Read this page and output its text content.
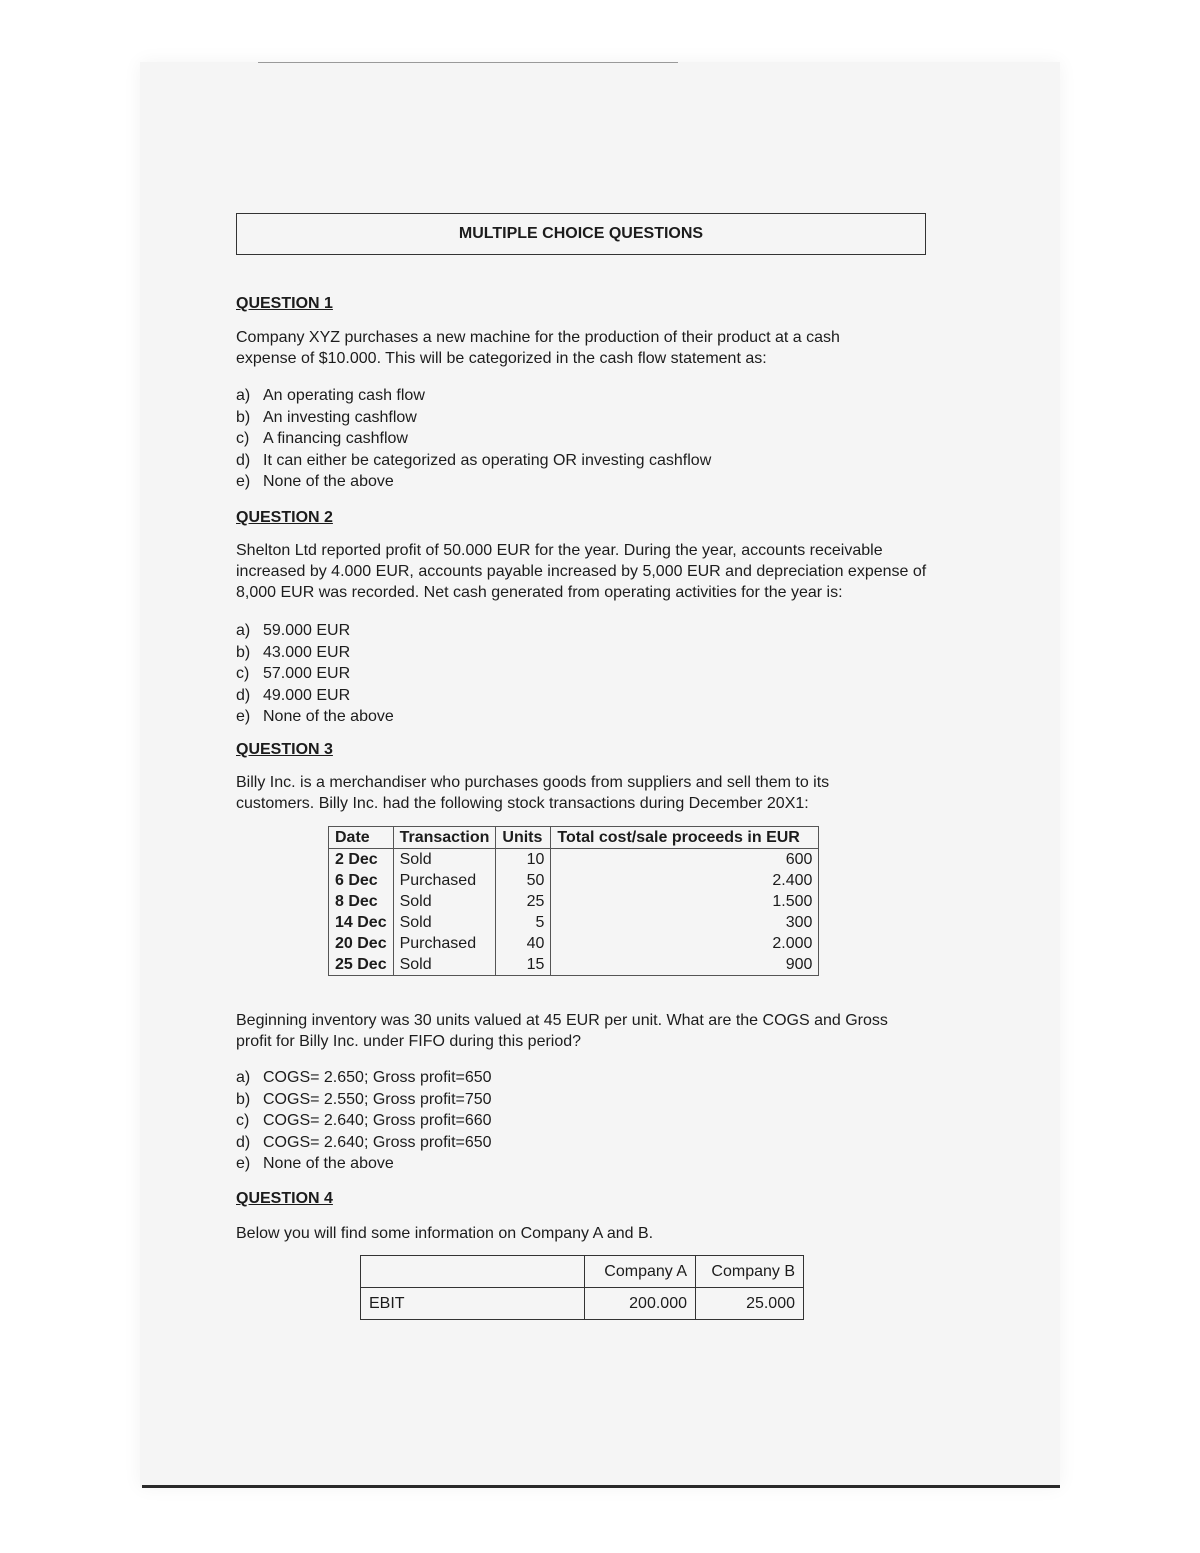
MULTIPLE CHOICE QUESTIONS
QUESTION 1
Company XYZ purchases a new machine for the production of their product at a cash expense of $10.000. This will be categorized in the cash flow statement as:
a) An operating cash flow
b) An investing cashflow
c) A financing cashflow
d) It can either be categorized as operating OR investing cashflow
e) None of the above
QUESTION 2
Shelton Ltd reported profit of 50.000 EUR for the year. During the year, accounts receivable increased by 4.000 EUR, accounts payable increased by 5,000 EUR and depreciation expense of 8,000 EUR was recorded. Net cash generated from operating activities for the year is:
a) 59.000 EUR
b) 43.000 EUR
c) 57.000 EUR
d) 49.000 EUR
e) None of the above
QUESTION 3
Billy Inc. is a merchandiser who purchases goods from suppliers and sell them to its customers. Billy Inc. had the following stock transactions during December 20X1:
Date	Transaction	Units	Total cost/sale proceeds in EUR
2 Dec	Sold	10	600
6 Dec	Purchased	50	2.400
8 Dec	Sold	25	1.500
14 Dec	Sold	5	300
20 Dec	Purchased	40	2.000
25 Dec	Sold	15	900
Beginning inventory was 30 units valued at 45 EUR per unit. What are the COGS and Gross profit for Billy Inc. under FIFO during this period?
a) COGS= 2.650; Gross profit=650
b) COGS= 2.550; Gross profit=750
c) COGS= 2.640; Gross profit=660
d) COGS= 2.640; Gross profit=650
e) None of the above
QUESTION 4
Below you will find some information on Company A and B.
	Company A	Company B
EBIT	200.000	25.000
